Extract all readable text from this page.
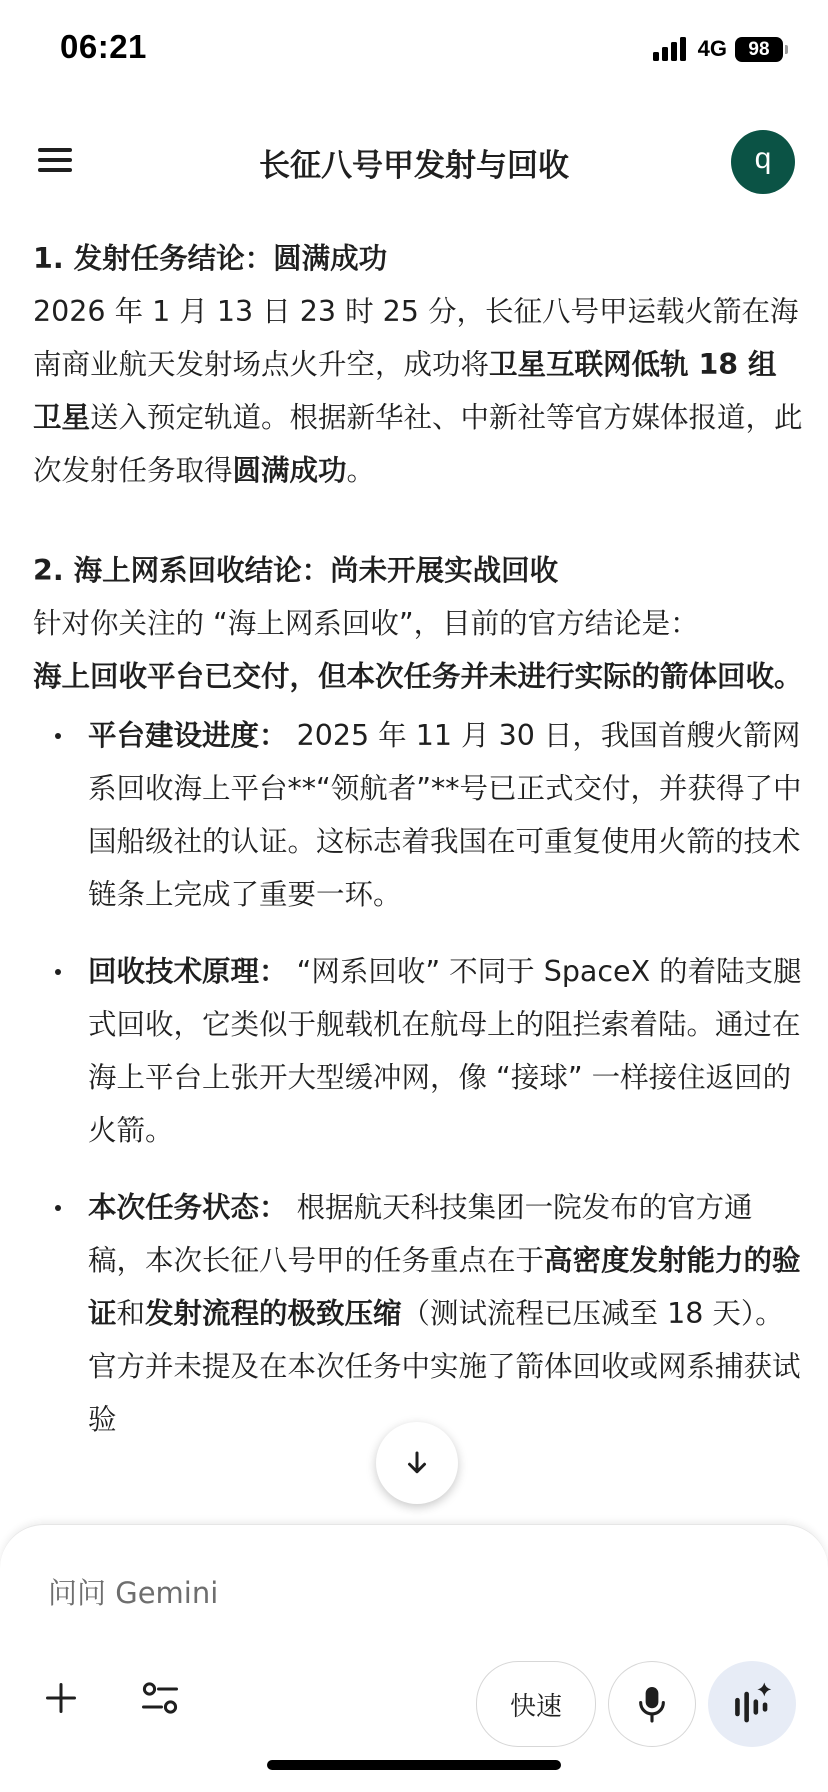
06:21	4G	98
长征八号甲发射与回收	q

1. 发射任务结论：圆满成功

2026 年 1 月 13 日 23 时 25 分，长征八号甲运载火箭在海南商业航天发射场点火升空，成功将卫星互联网低轨 18 组卫星送入预定轨道。根据新华社、中新社等官方媒体报道，此次发射任务取得圆满成功。

2. 海上网系回收结论：尚未开展实战回收

针对你关注的 “海上网系回收”，目前的官方结论是：

海上回收平台已交付，但本次任务并未进行实际的箭体回收。

平台建设进度： 2025 年 11 月 30 日，我国首艘火箭网系回收海上平台**“领航者”**号已正式交付，并获得了中国船级社的认证。这标志着我国在可重复使用火箭的技术链条上完成了重要一环。
回收技术原理： “网系回收” 不同于 SpaceX 的着陆支腿式回收，它类似于舰载机在航母上的阻拦索着陆。通过在海上平台上张开大型缓冲网，像 “接球” 一样接住返回的火箭。
本次任务状态： 根据航天科技集团一院发布的官方通稿，本次长征八号甲的任务重点在于高密度发射能力的验证和发射流程的极致压缩（测试流程已压减至 18 天）。官方并未提及在本次任务中实施了箭体回收或网系捕获试验
问问 Gemini
快速
